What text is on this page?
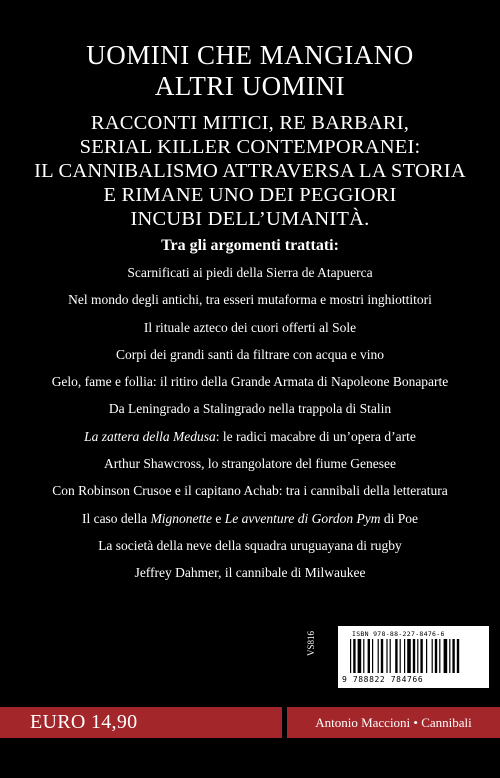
UOMINI CHE MANGIANO
ALTRI UOMINI
RACCONTI MITICI, RE BARBARI,
SERIAL KILLER CONTEMPORANEI:
IL CANNIBALISMO ATTRAVERSA LA STORIA
E RIMANE UNO DEI PEGGIORI
INCUBI DELL’UMANITÀ.
Tra gli argomenti trattati:
Scarnificati ai piedi della Sierra de Atapuerca
Nel mondo degli antichi, tra esseri mutaforma e mostri inghiottitori
Il rituale azteco dei cuori offerti al Sole
Corpi dei grandi santi da filtrare con acqua e vino
Gelo, fame e follia: il ritiro della Grande Armata di Napoleone Bonaparte
Da Leningrado a Stalingrado nella trappola di Stalin
La zattera della Medusa: le radici macabre di un’opera d’arte
Arthur Shawcross, lo strangolatore del fiume Genesee
Con Robinson Crusoe e il capitano Achab: tra i cannibali della letteratura
Il caso della Mignonette e Le avventure di Gordon Pym di Poe
La società della neve della squadra uruguayana di rugby
Jeffrey Dahmer, il cannibale di Milwaukee
VS816	ISBN 978-88-227-8476-6
9 788822 784766
EURO 14,90	Antonio Maccioni • Cannibali
